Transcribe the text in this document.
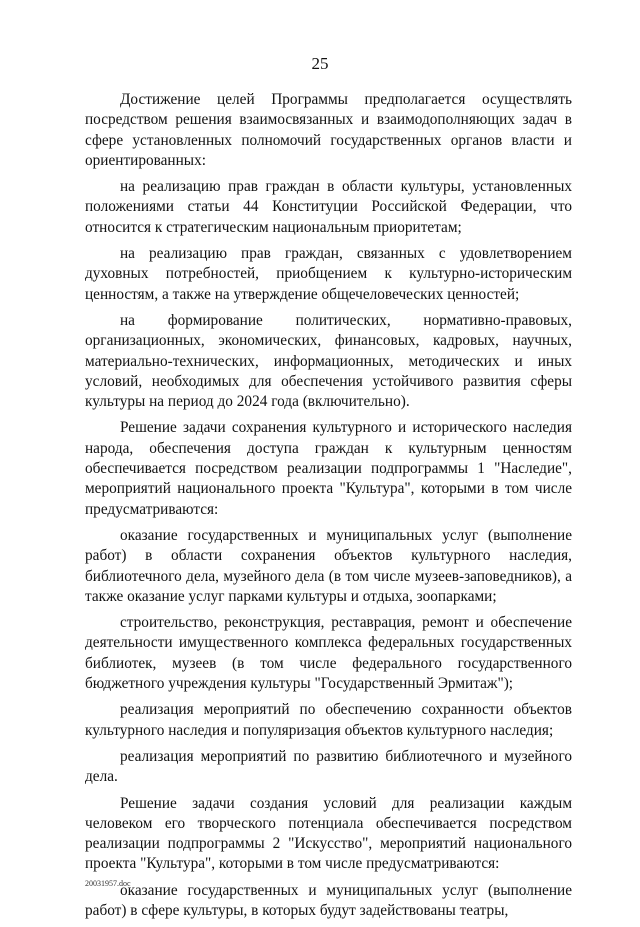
25

Достижение целей Программы предполагается осуществлять посредством решения взаимосвязанных и взаимодополняющих задач в сфере установленных полномочий государственных органов власти и ориентированных:

на реализацию прав граждан в области культуры, установленных положениями статьи 44 Конституции Российской Федерации, что относится к стратегическим национальным приоритетам;

на реализацию прав граждан, связанных с удовлетворением духовных потребностей, приобщением к культурно-историческим ценностям, а также на утверждение общечеловеческих ценностей;

на формирование политических, нормативно-правовых, организационных, экономических, финансовых, кадровых, научных, материально-технических, информационных, методических и иных условий, необходимых для обеспечения устойчивого развития сферы культуры на период до 2024 года (включительно).

Решение задачи сохранения культурного и исторического наследия народа, обеспечения доступа граждан к культурным ценностям обеспечивается посредством реализации подпрограммы 1 "Наследие", мероприятий национального проекта "Культура", которыми в том числе предусматриваются:

оказание государственных и муниципальных услуг (выполнение работ) в области сохранения объектов культурного наследия, библиотечного дела, музейного дела (в том числе музеев-заповедников), а также оказание услуг парками культуры и отдыха, зоопарками;

строительство, реконструкция, реставрация, ремонт и обеспечение деятельности имущественного комплекса федеральных государственных библиотек, музеев (в том числе федерального государственного бюджетного учреждения культуры "Государственный Эрмитаж");

реализация мероприятий по обеспечению сохранности объектов культурного наследия и популяризация объектов культурного наследия;

реализация мероприятий по развитию библиотечного и музейного дела.

Решение задачи создания условий для реализации каждым человеком его творческого потенциала обеспечивается посредством реализации подпрограммы 2 "Искусство", мероприятий национального проекта "Культура", которыми в том числе предусматриваются:

оказание государственных и муниципальных услуг (выполнение работ) в сфере культуры, в которых будут задействованы театры,

20031957.doc
